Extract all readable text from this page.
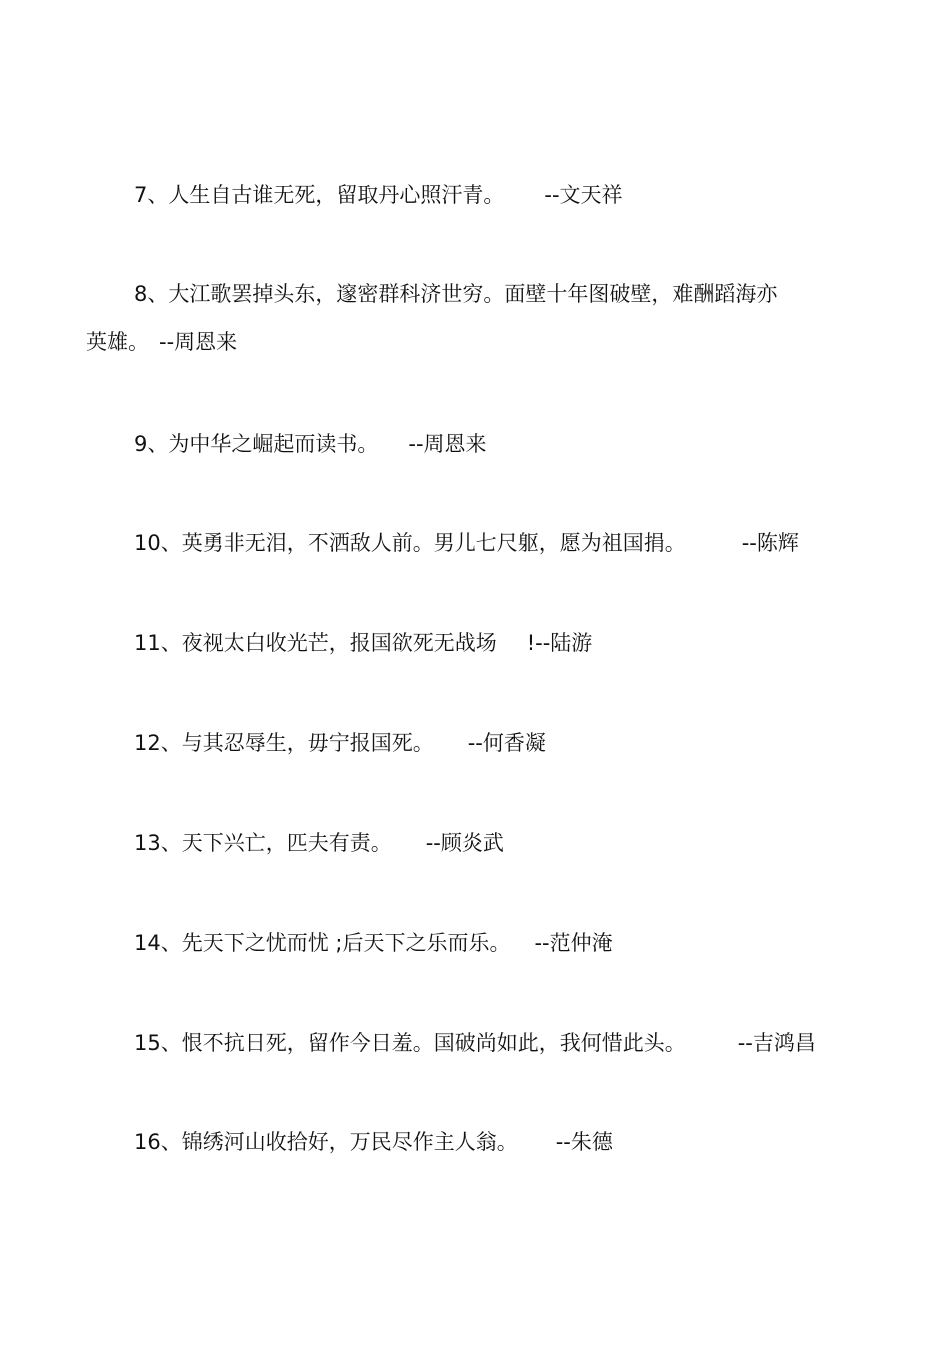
7、人生自古谁无死，留取丹心照汗青。 --文天祥
8、大江歌罢掉头东，邃密群科济世穷。面壁十年图破壁，难酬蹈海亦
英雄。 --周恩来
9、为中华之崛起而读书。 --周恩来
10、英勇非无泪，不洒敌人前。男儿七尺躯，愿为祖国捐。	--陈辉
11、夜视太白收光芒，报国欲死无战场 !--陆游
12、与其忍辱生，毋宁报国死。 --何香凝
13、天下兴亡，匹夫有责。 --顾炎武
14、先天下之忧而忧 ;后天下之乐而乐。 --范仲淹
15、恨不抗日死，留作今日羞。国破尚如此，我何惜此头。 --吉鸿昌
16、锦绣河山收拾好，万民尽作主人翁。 --朱德
